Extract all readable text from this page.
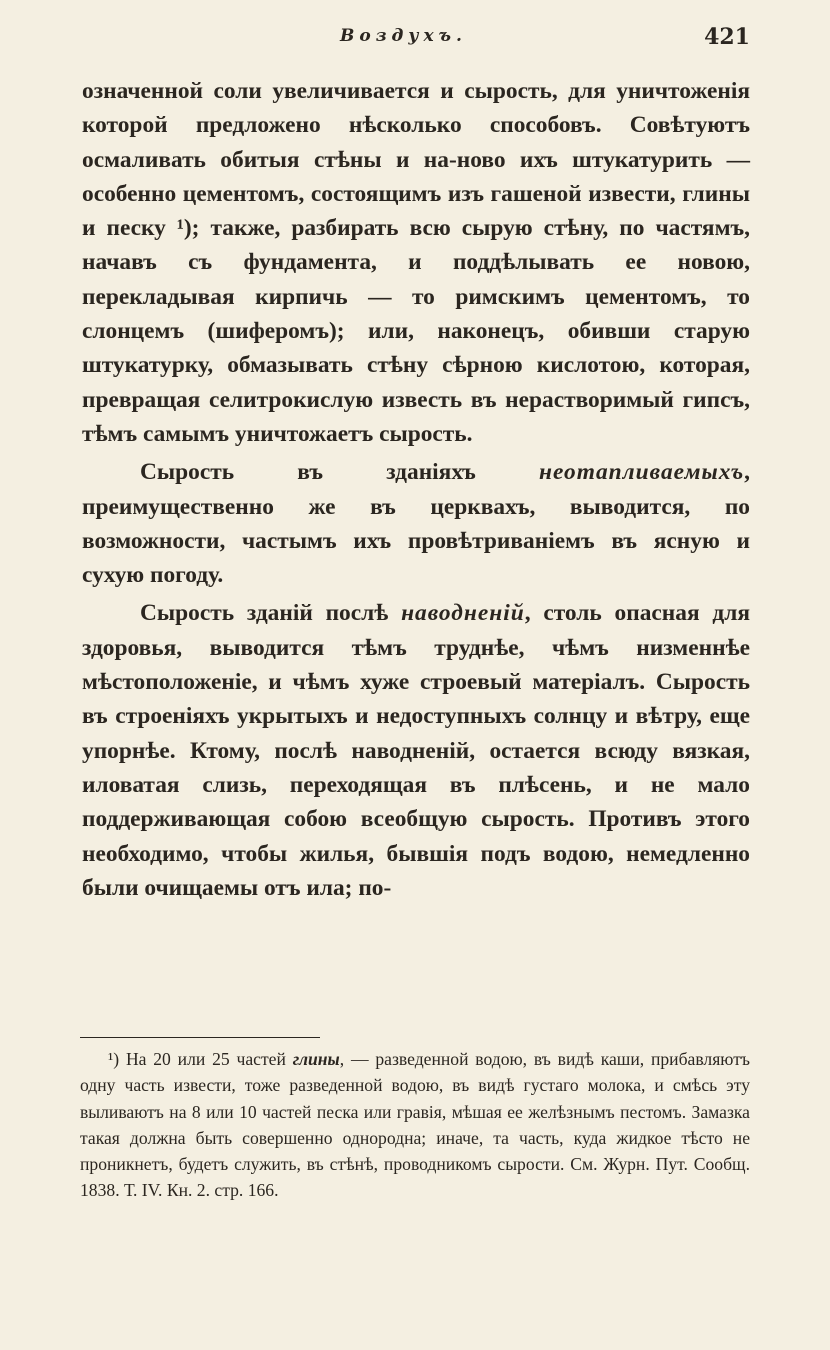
Воздухъ.	421

означенной соли увеличивается и сырость, для уничтоженія которой предложено нѣсколько способовъ. Совѣтуютъ осмаливать обитыя стѣны и на-ново ихъ штукатурить — особенно цементомъ, состоящимъ изъ гашеной извести, глины и песку ¹); также, разбирать всю сырую стѣну, по частямъ, начавъ съ фундамента, и поддѣлывать ее новою, перекладывая кирпичь — то римскимъ цементомъ, то слонцемъ (шиферомъ); или, наконецъ, обивши старую штукатурку, обмазывать стѣну сѣрною кислотою, которая, превращая селитрокислую известь въ нерастворимый гипсъ, тѣмъ самымъ уничтожаетъ сырость.

Сырость въ зданіяхъ	неотапливаемыхъ, преимущественно же въ церквахъ, выводится, по возможности, частымъ ихъ провѣтриваніемъ въ ясную и сухую погоду.

Сырость зданій послѣ наводненій, столь опасная для здоровья, выводится тѣмъ труднѣе, чѣмъ низменнѣе мѣстоположеніе, и чѣмъ хуже строевый матеріалъ. Сырость въ строеніяхъ укрытыхъ и недоступныхъ солнцу и вѣтру, еще упорнѣе. Ктому, послѣ наводненій, остается всюду вязкая, иловатая слизь, переходящая въ плѣсень, и не мало поддерживающая собою всеобщую сырость. Противъ этого необходимо, чтобы жилья, бывшія подъ водою, немедленно были очищаемы отъ ила; по-

¹) На 20 или 25 частей глины, — разведенной водою, въ видѣ каши, прибавляютъ одну часть извести, тоже разведенной водою, въ видѣ густаго молока, и смѣсь эту выливаютъ на 8 или 10 частей песка или гравія, мѣшая ее желѣзнымъ пестомъ. Замазка такая должна быть совершенно однородна; иначе, та часть, куда жидкое тѣсто не проникнетъ, будетъ служить, въ стѣнѣ, проводникомъ сырости. См. Журн. Пут. Сообщ. 1838. Т. IV. Кн. 2. стр. 166.
